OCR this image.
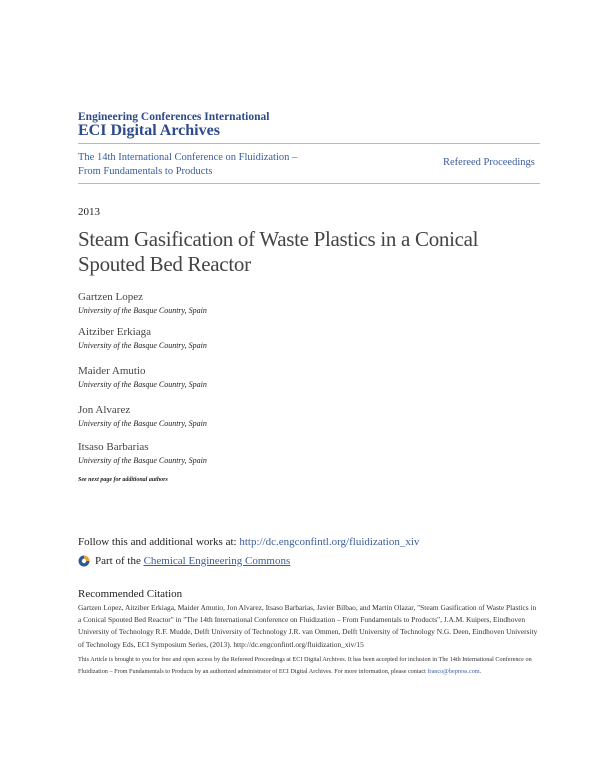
Engineering Conferences International
ECI Digital Archives
The 14th International Conference on Fluidization – From Fundamentals to Products
Refereed Proceedings
2013
Steam Gasification of Waste Plastics in a Conical Spouted Bed Reactor
Gartzen Lopez
University of the Basque Country, Spain
Aitziber Erkiaga
University of the Basque Country, Spain
Maider Amutio
University of the Basque Country, Spain
Jon Alvarez
University of the Basque Country, Spain
Itsaso Barbarias
University of the Basque Country, Spain
See next page for additional authors
Follow this and additional works at: http://dc.engconfintl.org/fluidization_xiv
Part of the
Chemical Engineering Commons
Recommended Citation
Gartzen Lopez, Aitziber Erkiaga, Maider Amutio, Jon Alvarez, Itsaso Barbarias, Javier Bilbao, and Martin Olazar, "Steam Gasification of Waste Plastics in a Conical Spouted Bed Reactor" in "The 14th International Conference on Fluidization – From Fundamentals to Products", J.A.M. Kuipers, Eindhoven University of Technology R.F. Mudde, Delft University of Technology J.R. van Ommen, Delft University of Technology N.G. Deen, Eindhoven University of Technology Eds, ECI Symposium Series, (2013). http://dc.engconfintl.org/fluidization_xiv/15
This Article is brought to you for free and open access by the Refereed Proceedings at ECI Digital Archives. It has been accepted for inclusion in The 14th International Conference on Fluidization – From Fundamentals to Products by an authorized administrator of ECI Digital Archives. For more information, please contact franco@bepress.com.
